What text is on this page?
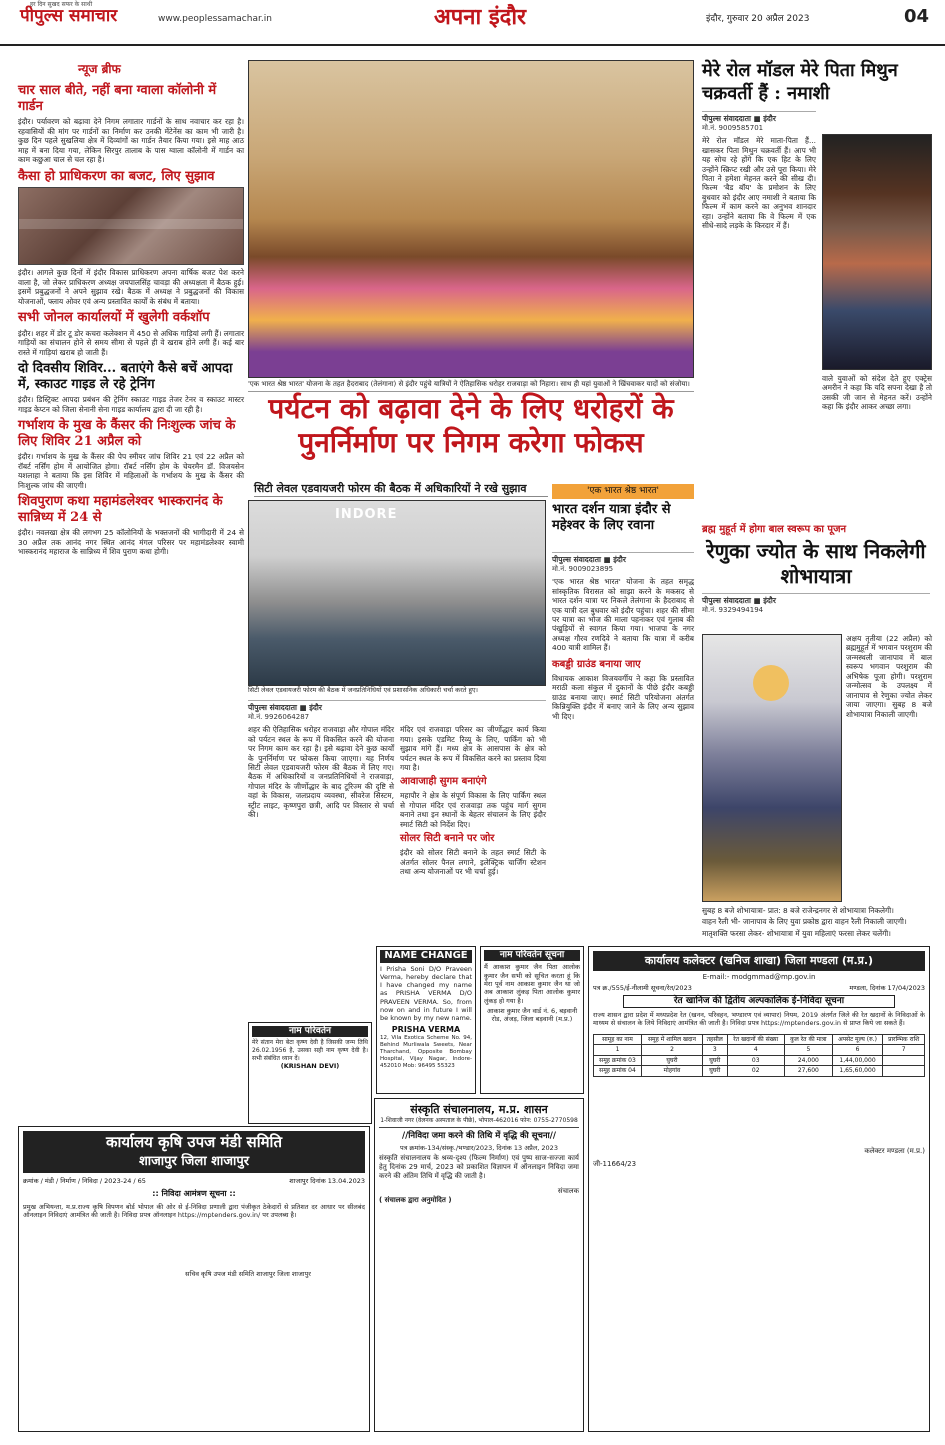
हर दिन सुखद सफर के साथी
पीपुल्स समाचार	www.peoplessamachar.in	अपना इंदौर	इंदौर, गुरुवार 20 अप्रैल 2023	04
न्यूज ब्रीफ
चार साल बीते, नहीं बना ग्वाला कॉलोनी में गार्डन
इंदौर। पर्यावरण को बढ़ावा देने निगम लगातार गार्डनों के साथ नवाचार कर रहा है। रहवासियों की मांग पर गार्डनों का निर्माण कर उनकी मेंटेनेंस का काम भी जारी है। कुछ दिन पहले सुखलिया क्षेत्र में दिव्यांगों का गार्डन तैयार किया गया। इसे माह आठ माह में बना दिया गया, लेकिन सिरपुर तालाब के पास ग्वाला कॉलोनी में गार्डन का काम कछुआ चाल से चल रहा है।
कैसा हो प्राधिकरण का बजट, लिए सुझाव
इंदौर। आगले कुछ दिनों में इंदौर विकास प्राधिकरण अपना वार्षिक बजट पेश करने वाला है, जो लेकर प्राधिकरण अध्यक्ष जयपालसिंह चावड़ा की अध्यक्षता में बैठक हुई। इसमें प्रबुद्धजनों ने अपने सुझाव रखे। बैठक में अध्यक्ष ने प्रबुद्धजनों की विकास योजनाओं, फ्लाय ओवर एवं अन्य प्रस्तावित कार्यों के संबंध में बताया।
सभी जोनल कार्यालयों में खुलेगी वर्कशॉप
इंदौर। शहर में डोर टू डोर कचरा कलेक्शन में 450 से अधिक गाड़ियां लगी हैं। लगातार गाड़ियों का संचालन होने से समय सीमा से पहले ही वे खराब होने लगी हैं। कई बार रास्ते में गाड़ियां खराब हो जाती हैं।
दो दिवसीय शिविर... बताएंगे कैसे बचें आपदा में, स्काउट गाइड ले रहे ट्रेनिंग
इंदौर। डिस्ट्रिक्ट आपदा प्रबंधन की ट्रेनिंग स्काउट गाइड तेजर टेनर व स्काउट मास्टर गाइड केप्टन को जिला सेनानी सेना गाइड कार्यालय द्वारा दी जा रही है।
गर्भाशय के मुख के कैंसर की निःशुल्क जांच के लिए शिविर 21 अप्रैल को
इंदौर। गर्भाशय के मुख के कैंसर की पेप स्मीयर जांच शिविर 21 एवं 22 अप्रैल को रॉबर्ट नर्सिंग होम में आयोजित होगा। रॉबर्ट नर्सिंग होम के चेयरमैन डॉ. विजयसेन यशलाहा ने बताया कि इस शिविर में महिलाओं के गर्भाशय के मुख के कैंसर की निःशुल्क जांच की जाएगी।
शिवपुराण कथा महामंडलेश्वर भास्करानंद के सान्निध्य में 24 से
इंदौर। नवलखा क्षेत्र की लगभग 25 कॉलोनियों के भक्तजनों की भागीदारी में 24 से 30 अप्रैल तक आनंद नगर स्थित आनंद मंगल परिसर पर महामंडलेश्वर स्वामी भास्करानंद महाराज के सान्निध्य में शिव पुराण कथा होगी।
'एक भारत श्रेष्ठ भारत' योजना के तहत हैदराबाद (तेलंगाना) से इंदौर पहुंचे यात्रियों ने ऐतिहासिक धरोहर राजवाड़ा को निहारा। साथ ही यहां युवाओं ने खिंचवाकर यादों को संजोया।
पर्यटन को बढ़ावा देने के लिए धरोहरों के पुनर्निर्माण पर निगम करेगा फोकस
सिटी लेवल एडवायजरी फोरम की बैठक में अधिकारियों ने रखे सुझाव
INDORE
सिटी लेवल एडवायजरी फोरम की बैठक में जनप्रतिनिधियों एवं प्रशासनिक अधिकारी चर्चा करते हुए।
पीपुल्स संवाददाता ■ इंदौर
मो.नं. 9926064287
शहर की ऐतिहासिक धरोहर राजवाड़ा और गोपाल मंदिर को पर्यटन स्थल के रूप में विकसित करने की योजना पर निगम काम कर रहा है। इसे बढ़ावा देने कुछ कार्यों के पुनर्निर्माण पर फोकस किया जाएगा। यह निर्णय सिटी लेवल एडवायजरी फोरम की बैठक में लिए गए। बैठक में अधिकारियों व जनप्रतिनिधियों ने राजवाड़ा, गोपाल मंदिर के जीर्णोद्धार के बाद टूरिज्म की दृष्टि से वहां के विकास, जलप्रदाय व्यवस्था, सीवरेज सिस्टम, स्ट्रीट लाइट, कृष्णपुरा छत्री, आदि पर विस्तार से चर्चा की।
मंदिर एवं राजवाड़ा परिसर का जीर्णोद्धार कार्य किया गया। इसके एडमिट रिव्यू के लिए, पार्किंग को भी सुझाव मांगे हैं। मध्य क्षेत्र के आसपास के क्षेत्र को पर्यटन स्थल के रूप में विकसित करने का प्रस्ताव दिया गया है।
आवाजाही सुगम बनाएंगे
महापौर ने क्षेत्र के संपूर्ण विकास के लिए पार्किंग स्थल से गोपाल मंदिर एवं राजवाड़ा तक पहुंच मार्ग सुगम बनाने तथा इन स्थानों के बेहतर संचालन के लिए इंदौर स्मार्ट सिटी को निर्देश दिए।
सोलर सिटी बनाने पर जोर
इंदौर को सोलर सिटी बनाने के तहत स्मार्ट सिटी के अंतर्गत सोलर पैनल लगाने, इलेक्ट्रिक चार्जिंग स्टेशन तथा अन्य योजनाओं पर भी चर्चा हुई।
'एक भारत श्रेष्ठ भारत'
भारत दर्शन यात्रा इंदौर से महेश्वर के लिए रवाना
पीपुल्स संवाददाता ■ इंदौर
मो.नं. 9009023895
'एक भारत श्रेष्ठ भारत' योजना के तहत समृद्ध सांस्कृतिक विरासत को साझा करने के मकसद से भारत दर्शन यात्रा पर निकले तेलंगाना के हैदराबाद से एक यात्री दल बुधवार को इंदौर पहुंचा। शहर की सीमा पर यात्रा का भोज की माला पहनाकर एवं गुलाब की पंखुड़ियों से स्वागत किया गया। भाजपा के नगर अध्यक्ष गौरव रणदिवे ने बताया कि यात्रा में करीब 400 यात्री शामिल हैं।
कबड्डी ग्राउंड बनाया जाए
विधायक आकाश विजयवर्गीय ने कहा कि प्रस्तावित मराठी कला संकुल में दुकानों के पीछे इंदौर कबड्डी ग्राउंड बनाया जाए। स्मार्ट सिटी परियोजना अंतर्गत किन्नियुक्ति इंदौर में बनाए जाने के लिए अन्य सुझाव भी दिए।
मेरे रोल मॉडल मेरे पिता मिथुन चक्रवर्ती हैं : नमाशी
पीपुल्स संवाददाता ■ इंदौर
मो.नं. 9009585701
मेरे रोल मॉडल मेरे माता-पिता हैं... खासकर पिता मिथुन चक्रवर्ती हैं। आप भी यह सोच रहे होंगे कि एक हिट के लिए उन्होंने स्क्रिप्ट रखी और उसे पूरा किया। मेरे पिता ने हमेशा मेहनत करने की सीख दी। फिल्म 'बैड बॉय' के प्रमोशन के लिए बुधवार को इंदौर आए नमाशी ने बताया कि फिल्म में काम करने का अनुभव शानदार रहा। उन्होंने बताया कि वे फिल्म में एक सीधे-सादे लड़के के किरदार में हैं।
वाले युवाओं को संदेश देते हुए एक्ट्रेस अमरीन ने कहा कि यदि सपना देखा है तो उसकी जी जान से मेहनत करें। उन्होंने कहा कि इंदौर आकर अच्छा लगा।
ब्रह्म मुहूर्त में होगा बाल स्वरूप का पूजन
रेणुका ज्योत के साथ निकलेगी शोभायात्रा
पीपुल्स संवाददाता ■ इंदौर
मो.नं. 9329494194
अक्षय तृतीया (22 अप्रैल) को ब्रह्ममुहूर्त में भगवान परशुराम की जन्मस्थली जानापाव में बाल स्वरूप भगवान परशुराम की अभिषेक पूजा होगी। परशुराम जन्मोत्सव के उपलक्ष्य में जानापाव से रेणुका ज्योत लेकर जाया जाएगा। सुबह 8 बजे शोभायात्रा निकाली जाएगी।
सुबह 8 बजे शोभायात्रा- प्रात: 8 बजे राजेन्द्रनगर से शोभायात्रा निकलेगी।
वाहन रैली भी- जानापाव के लिए युवा प्रकोष्ठ द्वारा वाहन रैली निकाली जाएगी।
मातृशक्ति फरसा लेकर- शोभायात्रा में युवा महिलाएं फरसा लेकर चलेंगी।
NAME CHANGE
I Prisha Soni D/O Praveen Verma, hereby declare that I have changed my name as PRISHA VERMA D/O PRAVEEN VERMA. So, from now on and in future I will be known by my new name.
PRISHA VERMA
12, Vila Exotica Scheme No. 94, Behind Murliwala Sweets, Near Tharchand, Opposite Bombay Hospital, Vijay Nagar, Indore-452010 Mob: 96495 55323
नाम परिवर्तन
मेरे संतान मेरा बेटा कृष्ण देवी है जिसकी जन्म तिथि 26.02.1956 है, उसका सही नाम कृष्ण देवी है। सभी संबंधित ध्यान दें।
(KRISHAN DEVI)
नाम परिवर्तन सूचना
मैं आकाश कुमार जैन पिता आलोक कुमार जैन सभी को सूचित करता हूं कि मेरा पूर्व नाम आकाश कुमार जैन था जो अब आकाश लुंकड़ पिता आलोक कुमार लुंकड़ हो गया है।
आकाश कुमार जैन वार्ड नं. 6, बड़वानी रोड, अंजड़, जिला बड़वानी (म.प्र.)
कार्यालय कृषि उपज मंडी समिति
शाजापुर जिला शाजापुर
क्रमांक / मंडी / निर्माण / निविदा / 2023-24 / 65	शाजापुर दिनांक 13.04.2023
:: निविदा आमंत्रण सूचना ::
प्रमुख अभियन्ता, म.प्र.राज्य कृषि विपणन बोर्ड भोपाल की ओर से ई-निविदा प्रणाली द्वारा पंजीकृत ठेकेदारों से प्रतिशत दर आधार पर सीलबंद ऑनलाइन निविदाएं आमंत्रित की जाती है। निविदा प्रपत्र ऑनलाइन https://mptenders.gov.in/ पर उपलब्ध है।
सचिव कृषि उपज मंडी समिति शाजापुर जिला शाजापुर
संस्कृति संचालनालय, म.प्र. शासन
1-शिवाजी नगर (वेलनक अस्पताल के पीछे), भोपाल-462016 फोन: 0755-2770598
//निविदा जमा करने की तिथि में वृद्धि की सूचना//
पत्र क्रमांक-134/संस्कृ./भण्डार/2023, दिनांक 13 अप्रैल, 2023
संस्कृति संचालनालय के श्रव्य-दृश्य (फिल्म निर्माण) एवं पुष्प साज-सज्जा कार्य हेतु दिनांक 29 मार्च, 2023 को प्रकाशित विज्ञापन में ऑनलाइन निविदा जमा करने की अंतिम तिथि में वृद्धि की जाती है।
संचालक
( संचालक द्वारा अनुमोदित )
कार्यालय कलेक्टर (खनिज शाखा) जिला मण्डला (म.प्र.)
E-mail:- modgmmad@mp.gov.in
पत्र क्र./555/ई-नीलामी सूचना/रेत/2023	मण्डला, दिनांक 17/04/2023
रेत खानिज की द्वितीय अल्पकालिक ई-निविदा सूचना
राज्य शासन द्वारा प्रदेश में मध्यप्रदेश रेत (खनन, परिवहन, भण्डारण एवं व्यापार) नियम, 2019 अंतर्गत जिले की रेत खदानों के निविदाओं के माध्यम से संचालन के लिये निविदाएं आमंत्रित की जाती है। निविदा प्रपत्र https://mptenders.gov.in से प्राप्त किये जा सकते हैं।
सामूह का नाम	समूह में शामिल खदान	तहसील	रेत खदानों की संख्या	कुल रेत की मात्रा	अपसेट मूल्य (रु.)	प्रारम्भिक राशि
1	2	3	4	5	6	7
समूह क्रमांक 03	घुघरी	घुघरी	03	24,000	1,44,00,000	
समूह क्रमांक 04	मोहगांव	घुघरी	02	27,600	1,65,60,000	
कलेक्टर मण्डला (म.प्र.)
जी-11664/23
